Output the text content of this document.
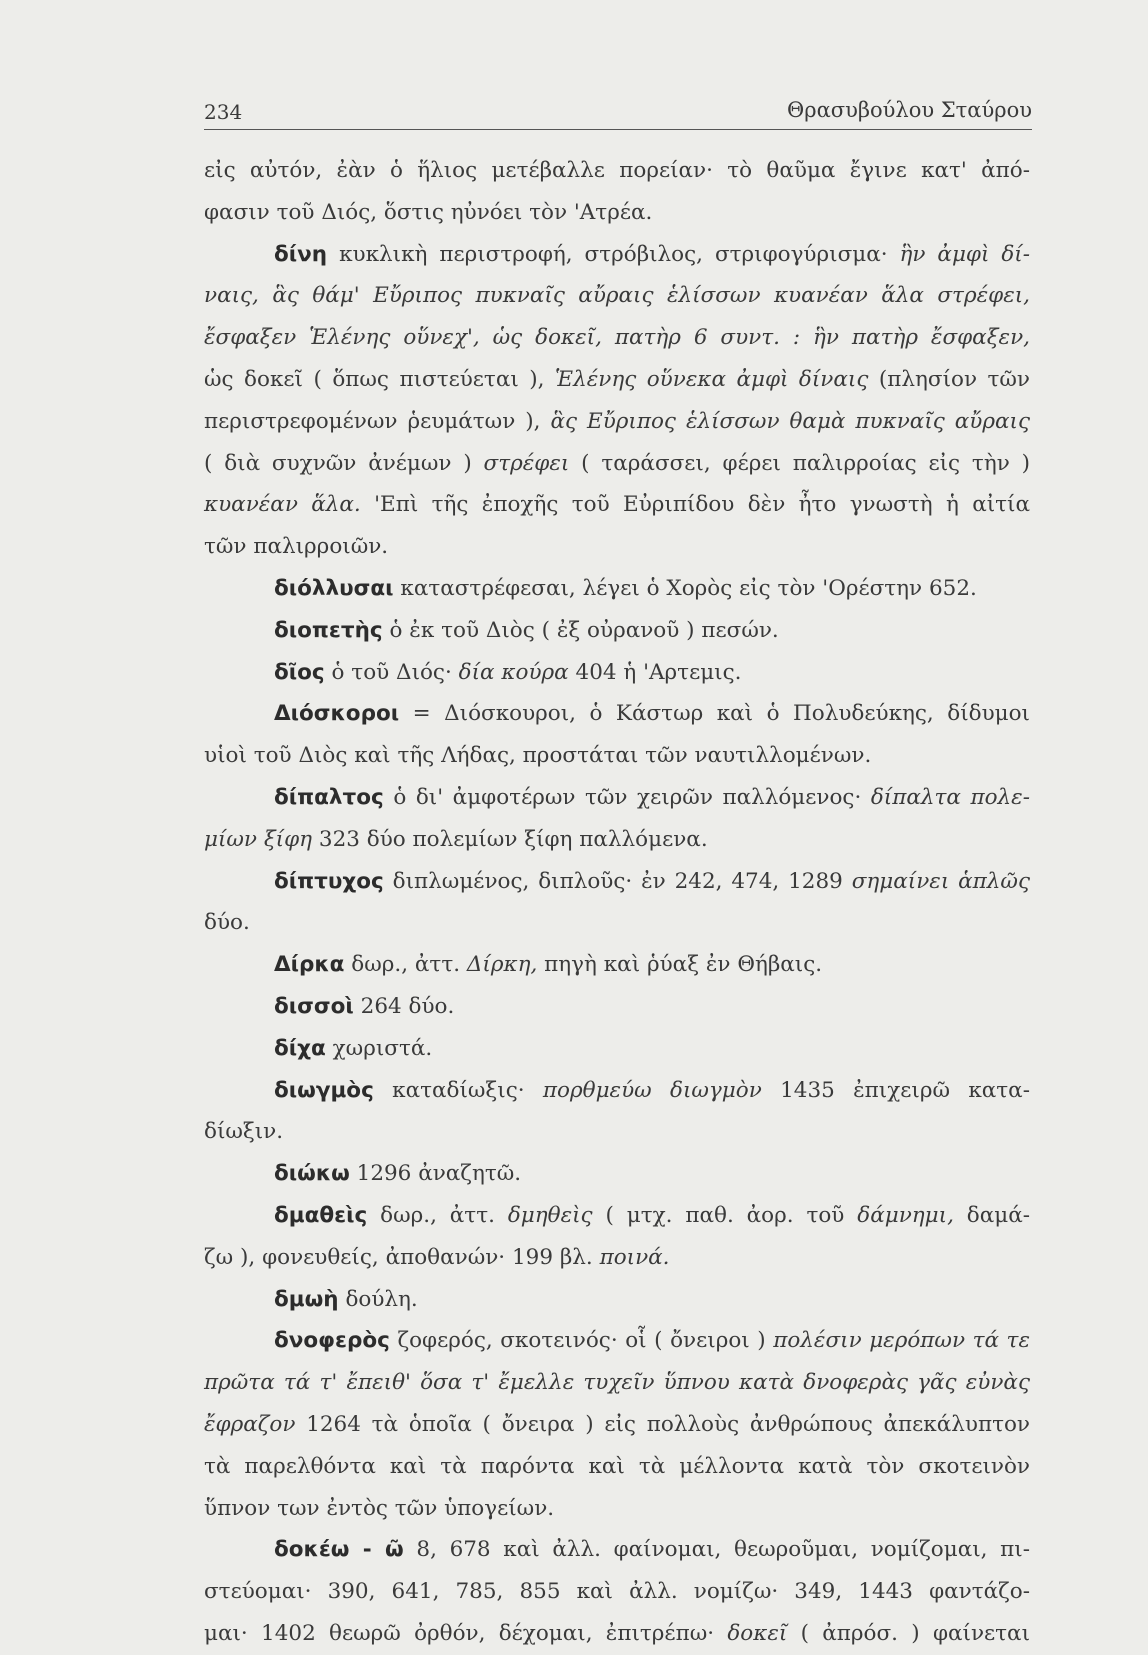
234	Θρασυβούλου Σταύρου
εἰς αὐτόν, ἐὰν ὁ ἥλιος μετέβαλλε πορείαν· τὸ θαῦμα ἔγινε κατ' ἀπό-
φασιν τοῦ Διός, ὅστις ηὐνόει τὸν 'Ατρέα.
δίνη κυκλικὴ περιστροφή, στρόβιλος, στριφογύρισμα· ἣν ἀμφὶ δί-
ναις, ἃς θάμ' Εὔριπος πυκναῖς αὔραις ἑλίσσων κυανέαν ἅλα στρέφει,
ἔσφαξεν Ἑλένης οὕνεχ', ὡς δοκεῖ, πατὴρ 6 συντ. : ἣν πατὴρ ἔσφαξεν,
ὡς δοκεῖ ( ὅπως πιστεύεται ), Ἑλένης οὕνεκα ἀμφὶ δίναις (πλησίον τῶν
περιστρεφομένων ῥευμάτων ), ἃς Εὔριπος ἑλίσσων θαμὰ πυκναῖς αὔραις
( διὰ συχνῶν ἀνέμων ) στρέφει ( ταράσσει, φέρει παλιρροίας εἰς τὴν )
κυανέαν ἅλα. 'Επὶ τῆς ἐποχῆς τοῦ Εὐριπίδου δὲν ἦτο γνωστὴ ἡ αἰτία
τῶν παλιρροιῶν.
διόλλυσαι καταστρέφεσαι, λέγει ὁ Χορὸς εἰς τὸν 'Ορέστην 652.
διοπετὴς ὁ ἐκ τοῦ Διὸς ( ἐξ οὐρανοῦ ) πεσών.
δῖος ὁ τοῦ Διός· δία κούρα 404 ἡ 'Αρτεμις.
Διόσκοροι = Διόσκουροι, ὁ Κάστωρ καὶ ὁ Πολυδεύκης, δίδυμοι
υἱοὶ τοῦ Διὸς καὶ τῆς Λήδας, προστάται τῶν ναυτιλλομένων.
δίπαλτος ὁ δι' ἀμφοτέρων τῶν χειρῶν παλλόμενος· δίπαλτα πολε-
μίων ξίφη 323 δύο πολεμίων ξίφη παλλόμενα.
δίπτυχος διπλωμένος, διπλοῦς· ἐν 242, 474, 1289 σημαίνει ἁπλῶς
δύο.
Δίρκα δωρ., ἀττ. Δίρκη, πηγὴ καὶ ῥύαξ ἐν Θήβαις.
δισσοὶ 264 δύο.
δίχα χωριστά.
διωγμὸς καταδίωξις· πορθμεύω διωγμὸν 1435 ἐπιχειρῶ κατα-
δίωξιν.
διώκω 1296 ἀναζητῶ.
δμαθεὶς δωρ., ἀττ. δμηθεὶς ( μτχ. παθ. ἀορ. τοῦ δάμνημι, δαμά-
ζω ), φονευθείς, ἀποθανών· 199 βλ. ποινά.
δμωὴ δούλη.
δνοφερὸς ζοφερός, σκοτεινός· οἷ ( ὄνειροι ) πολέσιν μερόπων τά τε
πρῶτα τά τ' ἔπειθ' ὅσα τ' ἔμελλε τυχεῖν ὕπνου κατὰ δνοφερὰς γᾶς εὐνὰς
ἔφραζον 1264 τὰ ὁποῖα ( ὄνειρα ) εἰς πολλοὺς ἀνθρώπους ἀπεκάλυπτον
τὰ παρελθόντα καὶ τὰ παρόντα καὶ τὰ μέλλοντα κατὰ τὸν σκοτεινὸν
ὕπνον των ἐντὸς τῶν ὑπογείων.
δοκέω - ῶ 8, 678 καὶ ἀλλ. φαίνομαι, θεωροῦμαι, νομίζομαι, πι-
στεύομαι· 390, 641, 785, 855 καὶ ἀλλ. νομίζω· 349, 1443 φαντάζο-
μαι· 1402 θεωρῶ ὀρθόν, δέχομαι, ἐπιτρέπω· δοκεῖ ( ἀπρόσ. ) φαίνεται
